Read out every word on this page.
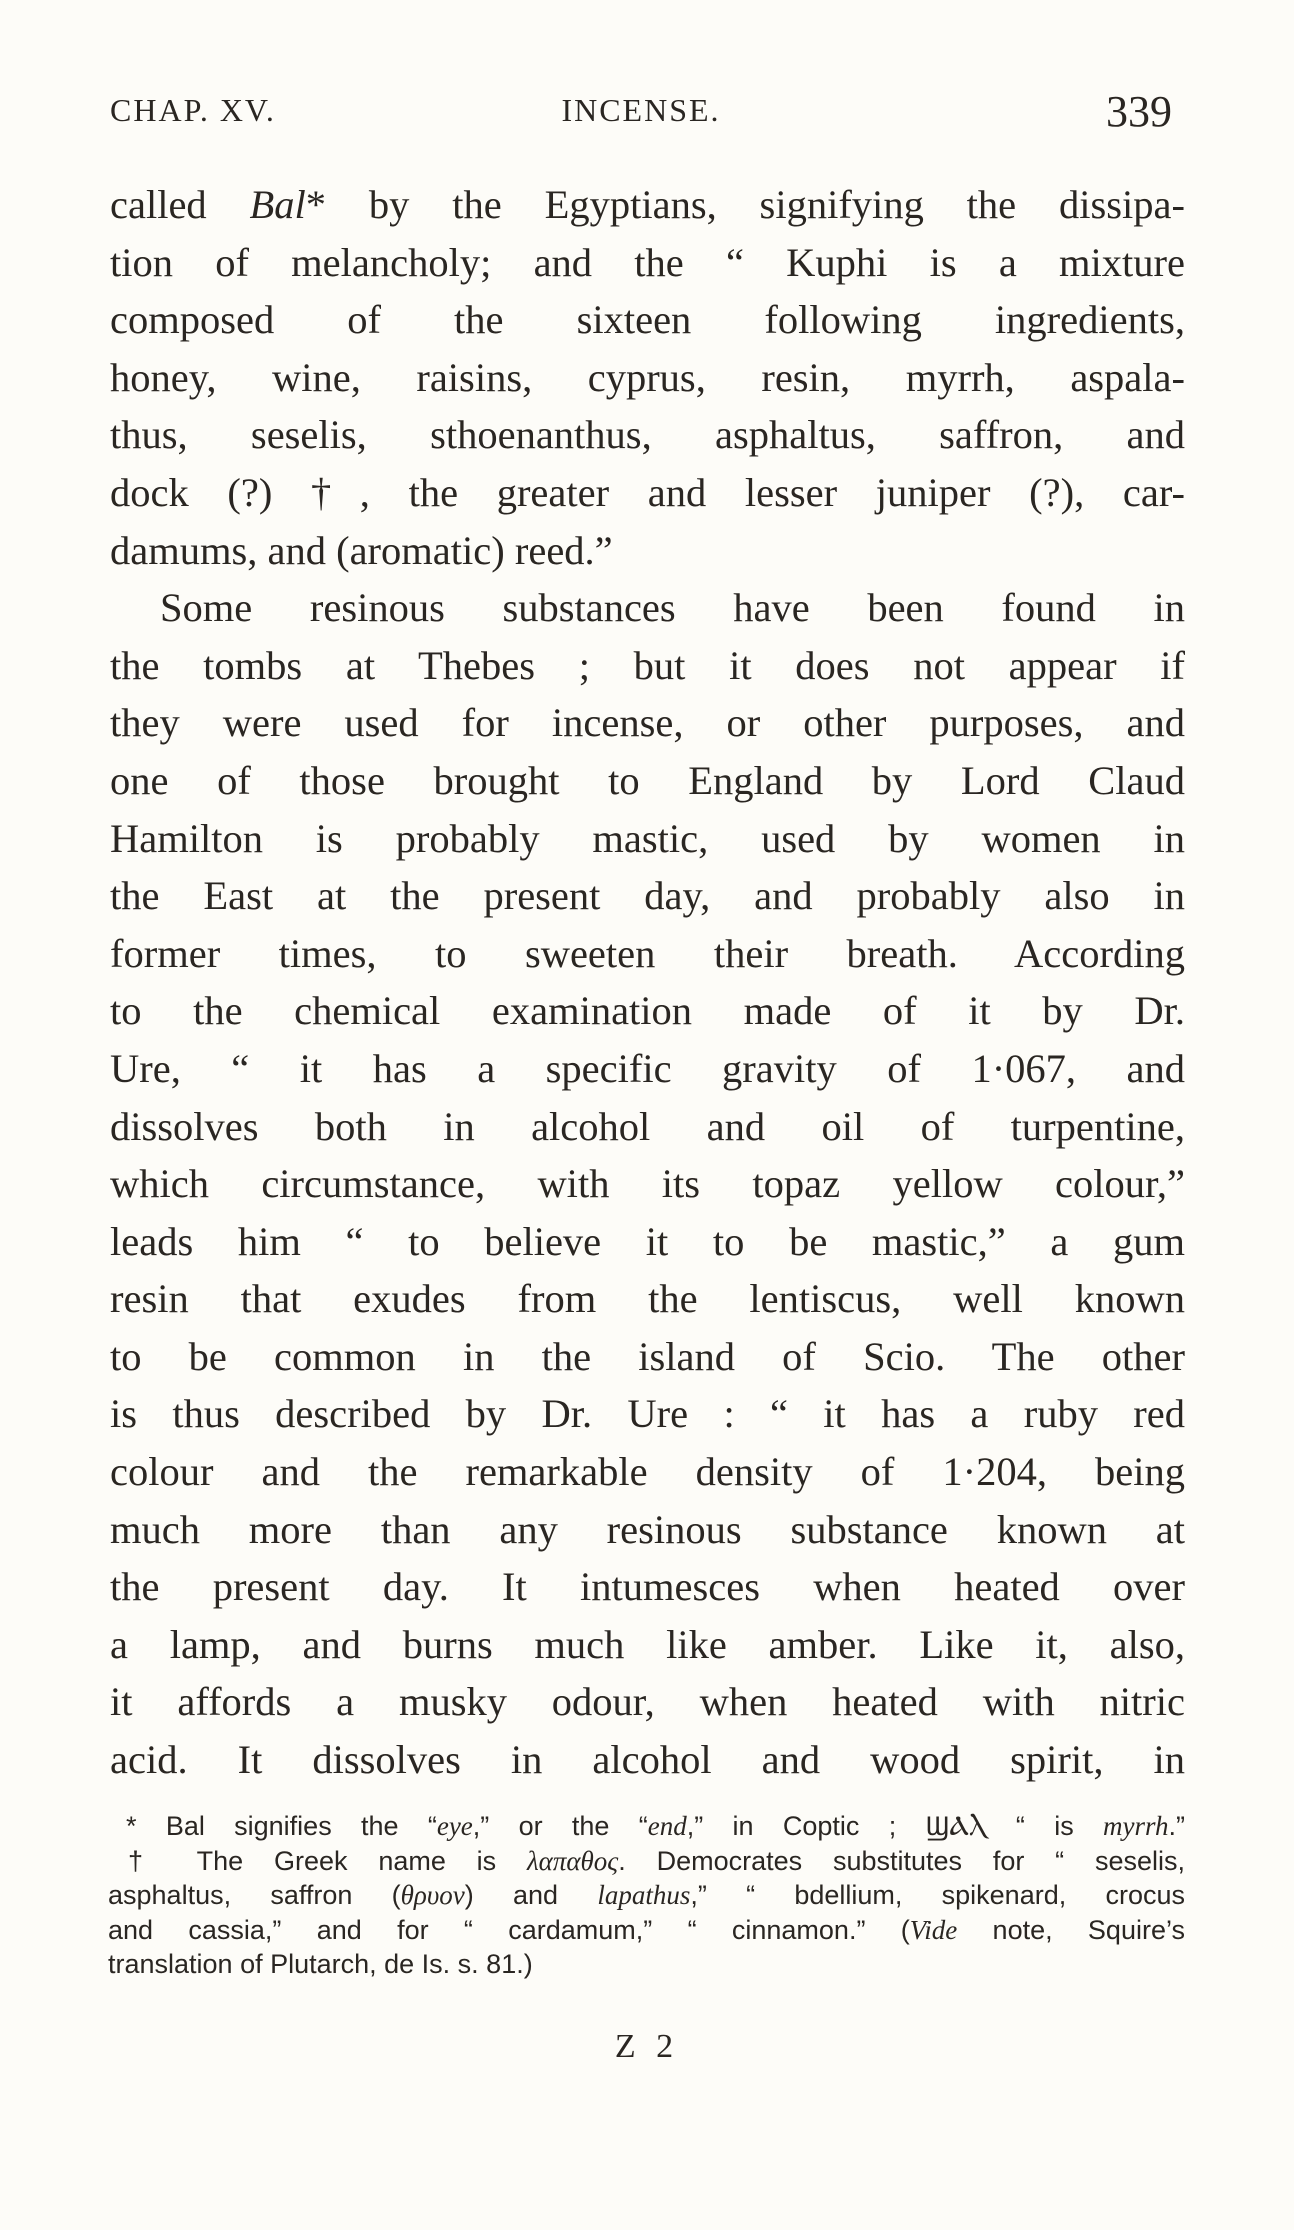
CHAP. XV.	INCENSE.	339
called Bal* by the Egyptians, signifying the dissipa-
tion of melancholy; and the “ Kuphi is a mixture
composed of the sixteen following ingredients,
honey, wine, raisins, cyprus, resin, myrrh, aspala-
thus, seselis, sthoenanthus, asphaltus, saffron, and
dock (?) †, the greater and lesser juniper (?), car-
damums, and (aromatic) reed.”
Some resinous substances have been found in
the tombs at Thebes ; but it does not appear if
they were used for incense, or other purposes, and
one of those brought to England by Lord Claud
Hamilton is probably mastic, used by women in
the East at the present day, and probably also in
former times, to sweeten their breath. According
to the chemical examination made of it by Dr.
Ure, “ it has a specific gravity of 1·067, and
dissolves both in alcohol and oil of turpentine,
which circumstance, with its topaz yellow colour,”
leads him “ to believe it to be mastic,” a gum
resin that exudes from the lentiscus, well known
to be common in the island of Scio. The other
is thus described by Dr. Ure : “ it has a ruby red
colour and the remarkable density of 1·204, being
much more than any resinous substance known at
the present day. It intumesces when heated over
a lamp, and burns much like amber. Like it, also,
it affords a musky odour, when heated with nitric
acid. It dissolves in alcohol and wood spirit, in
* Bal signifies the “eye,” or the “end,” in Coptic ; ϢⲀⲖ “ is myrrh.”
† The Greek name is λαπαθος. Democrates substitutes for “ seselis,
asphaltus, saffron (θρυον) and lapathus,” “ bdellium, spikenard, crocus
and cassia,” and for “ cardamum,” “ cinnamon.” (Vide note, Squire’s
translation of Plutarch, de Is. s. 81.)
Z 2
